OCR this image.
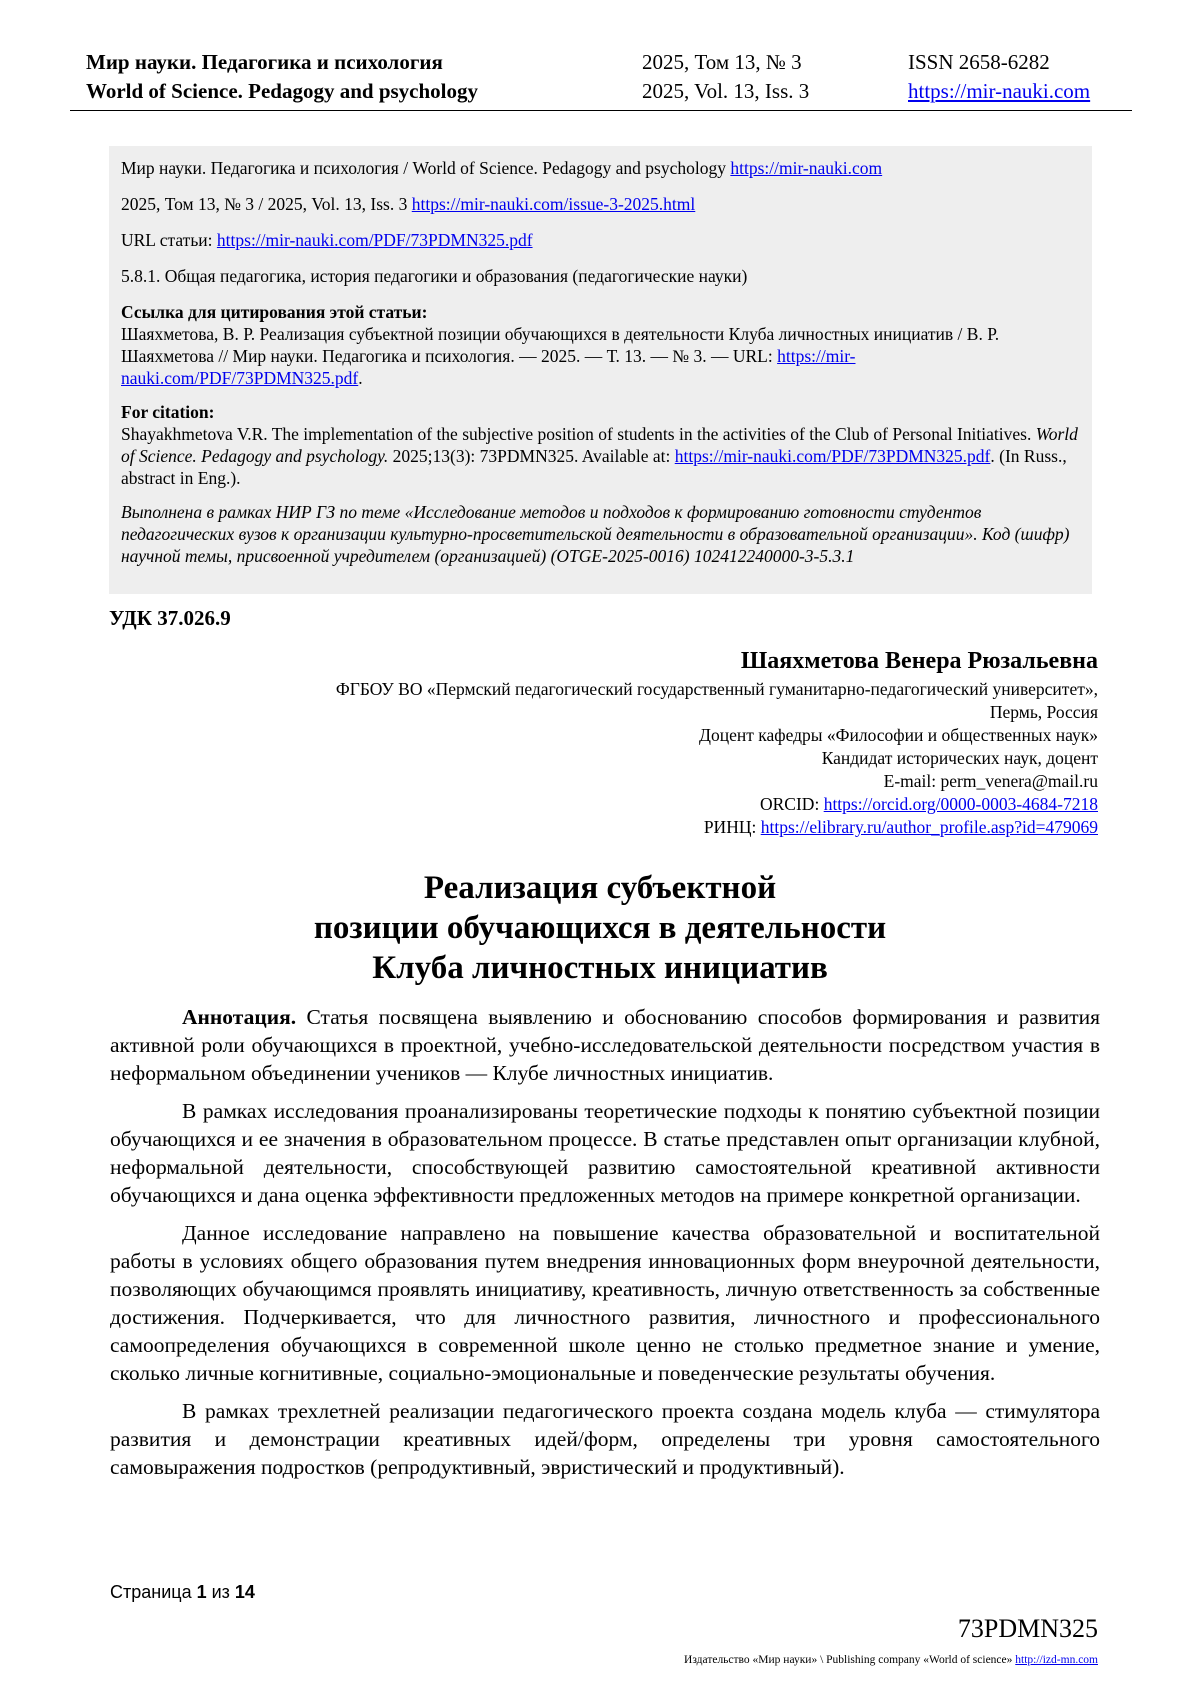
Мир науки. Педагогика и психология
World of Science. Pedagogy and psychology
2025, Том 13, № 3
2025, Vol. 13, Iss. 3
ISSN 2658-6282
https://mir-nauki.com

Мир науки. Педагогика и психология / World of Science. Pedagogy and psychology https://mir-nauki.com

2025, Том 13, № 3 / 2025, Vol. 13, Iss. 3 https://mir-nauki.com/issue-3-2025.html

URL статьи: https://mir-nauki.com/PDF/73PDMN325.pdf

5.8.1. Общая педагогика, история педагогики и образования (педагогические науки)

Ссылка для цитирования этой статьи:

Шаяхметова, В. Р. Реализация субъектной позиции обучающихся в деятельности Клуба личностных инициатив / В. Р. Шаяхметова // Мир науки. Педагогика и психология. — 2025. — Т. 13. — № 3. — URL: https://mir-nauki.com/PDF/73PDMN325.pdf.

For citation:

Shayakhmetova V.R. The implementation of the subjective position of students in the activities of the Club of Personal Initiatives. World of Science. Pedagogy and psychology. 2025;13(3): 73PDMN325. Available at: https://mir-nauki.com/PDF/73PDMN325.pdf. (In Russ., abstract in Eng.).

Выполнена в рамках НИР ГЗ по теме «Исследование методов и подходов к формированию готовности студентов педагогических вузов к организации культурно-просветительской деятельности в образовательной организации». Код (шифр) научной темы, присвоенной учредителем (организацией) (OTGE-2025-0016) 102412240000-3-5.3.1

УДК 37.026.9

Шаяхметова Венера Рюзальевна

ФГБОУ ВО «Пермский педагогический государственный гуманитарно-педагогический университет»,

Пермь, Россия

Доцент кафедры «Философии и общественных наук»

Кандидат исторических наук, доцент

E-mail: perm_venera@mail.ru

ORCID: https://orcid.org/0000-0003-4684-7218

РИНЦ: https://elibrary.ru/author_profile.asp?id=479069

Реализация субъектной

позиции обучающихся в деятельности

Клуба личностных инициатив

Аннотация. Статья посвящена выявлению и обоснованию способов формирования и развития активной роли обучающихся в проектной, учебно-исследовательской деятельности посредством участия в неформальном объединении учеников — Клубе личностных инициатив.

В рамках исследования проанализированы теоретические подходы к понятию субъектной позиции обучающихся и ее значения в образовательном процессе. В статье представлен опыт организации клубной, неформальной деятельности, способствующей развитию самостоятельной креативной активности обучающихся и дана оценка эффективности предложенных методов на примере конкретной организации.

Данное исследование направлено на повышение качества образовательной и воспитательной работы в условиях общего образования путем внедрения инновационных форм внеурочной деятельности, позволяющих обучающимся проявлять инициативу, креативность, личную ответственность за собственные достижения. Подчеркивается, что для личностного развития, личностного и профессионального самоопределения обучающихся в современной школе ценно не столько предметное знание и умение, сколько личные когнитивные, социально-эмоциональные и поведенческие результаты обучения.

В рамках трехлетней реализации педагогического проекта создана модель клуба — стимулятора развития и демонстрации креативных идей/форм, определены три уровня самостоятельного самовыражения подростков (репродуктивный, эвристический и продуктивный).

Страница 1 из 14
73PDMN325
Издательство «Мир науки» \ Publishing company «World of science» http://izd-mn.com
